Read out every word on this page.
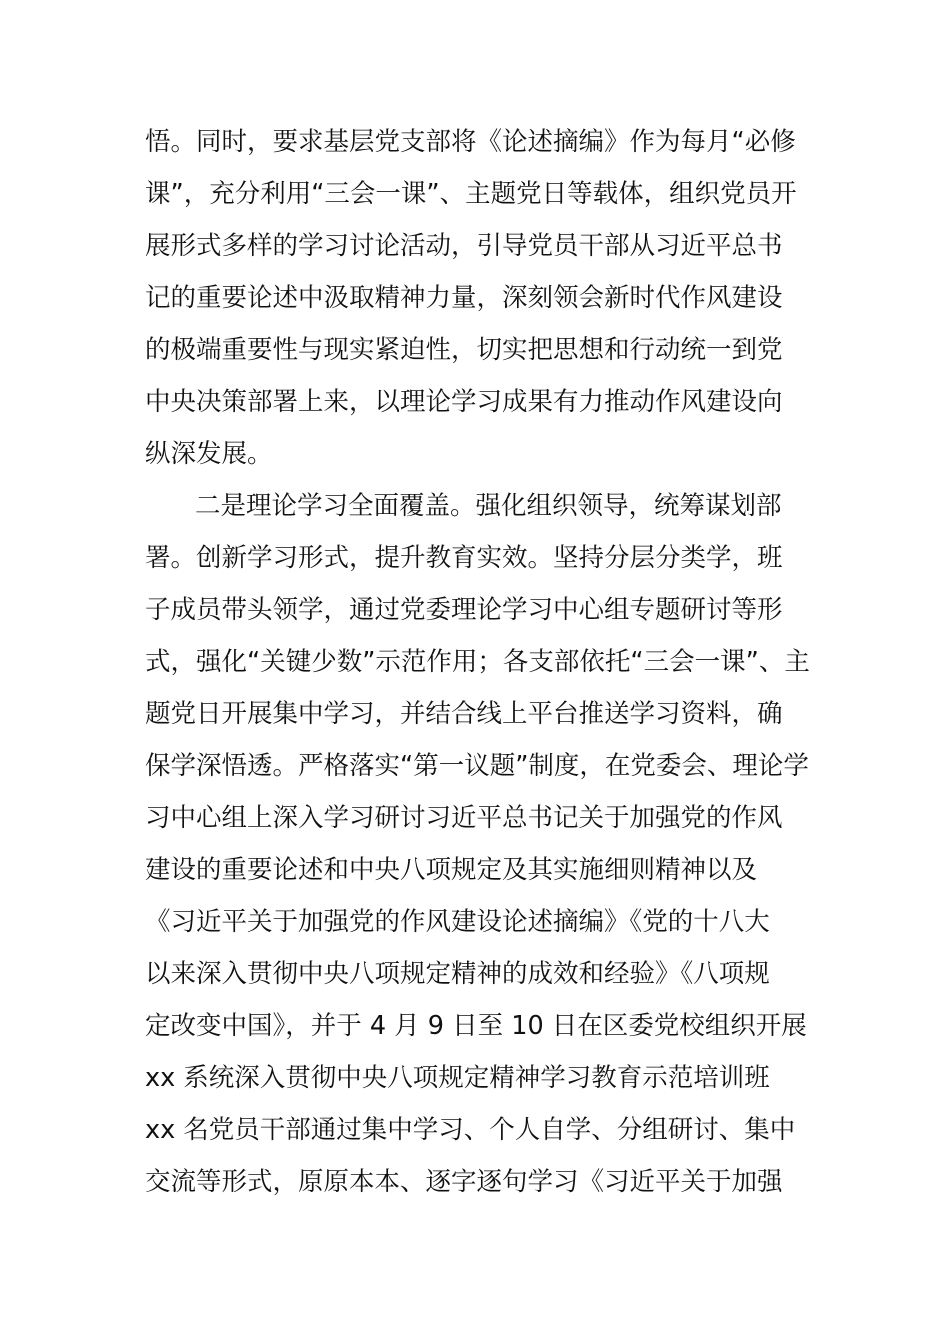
悟。同时，要求基层党支部将《论述摘编》作为每月“必修
课”，充分利用“三会一课”、主题党日等载体，组织党员开
展形式多样的学习讨论活动，引导党员干部从习近平总书
记的重要论述中汲取精神力量，深刻领会新时代作风建设
的极端重要性与现实紧迫性，切实把思想和行动统一到党
中央决策部署上来，以理论学习成果有力推动作风建设向
纵深发展。
二是理论学习全面覆盖。强化组织领导，统筹谋划部
署。创新学习形式，提升教育实效。坚持分层分类学，班
子成员带头领学，通过党委理论学习中心组专题研讨等形
式，强化“关键少数”示范作用；各支部依托“三会一课”、主
题党日开展集中学习，并结合线上平台推送学习资料，确
保学深悟透。严格落实“第一议题”制度，在党委会、理论学
习中心组上深入学习研讨习近平总书记关于加强党的作风
建设的重要论述和中央八项规定及其实施细则精神以及
《习近平关于加强党的作风建设论述摘编》《党的十八大
以来深入贯彻中央八项规定精神的成效和经验》《八项规
定改变中国》，并于 4 月 9 日至 10 日在区委党校组织开展
xx 系统深入贯彻中央八项规定精神学习教育示范培训班
xx 名党员干部通过集中学习、个人自学、分组研讨、集中
交流等形式，原原本本、逐字逐句学习《习近平关于加强
